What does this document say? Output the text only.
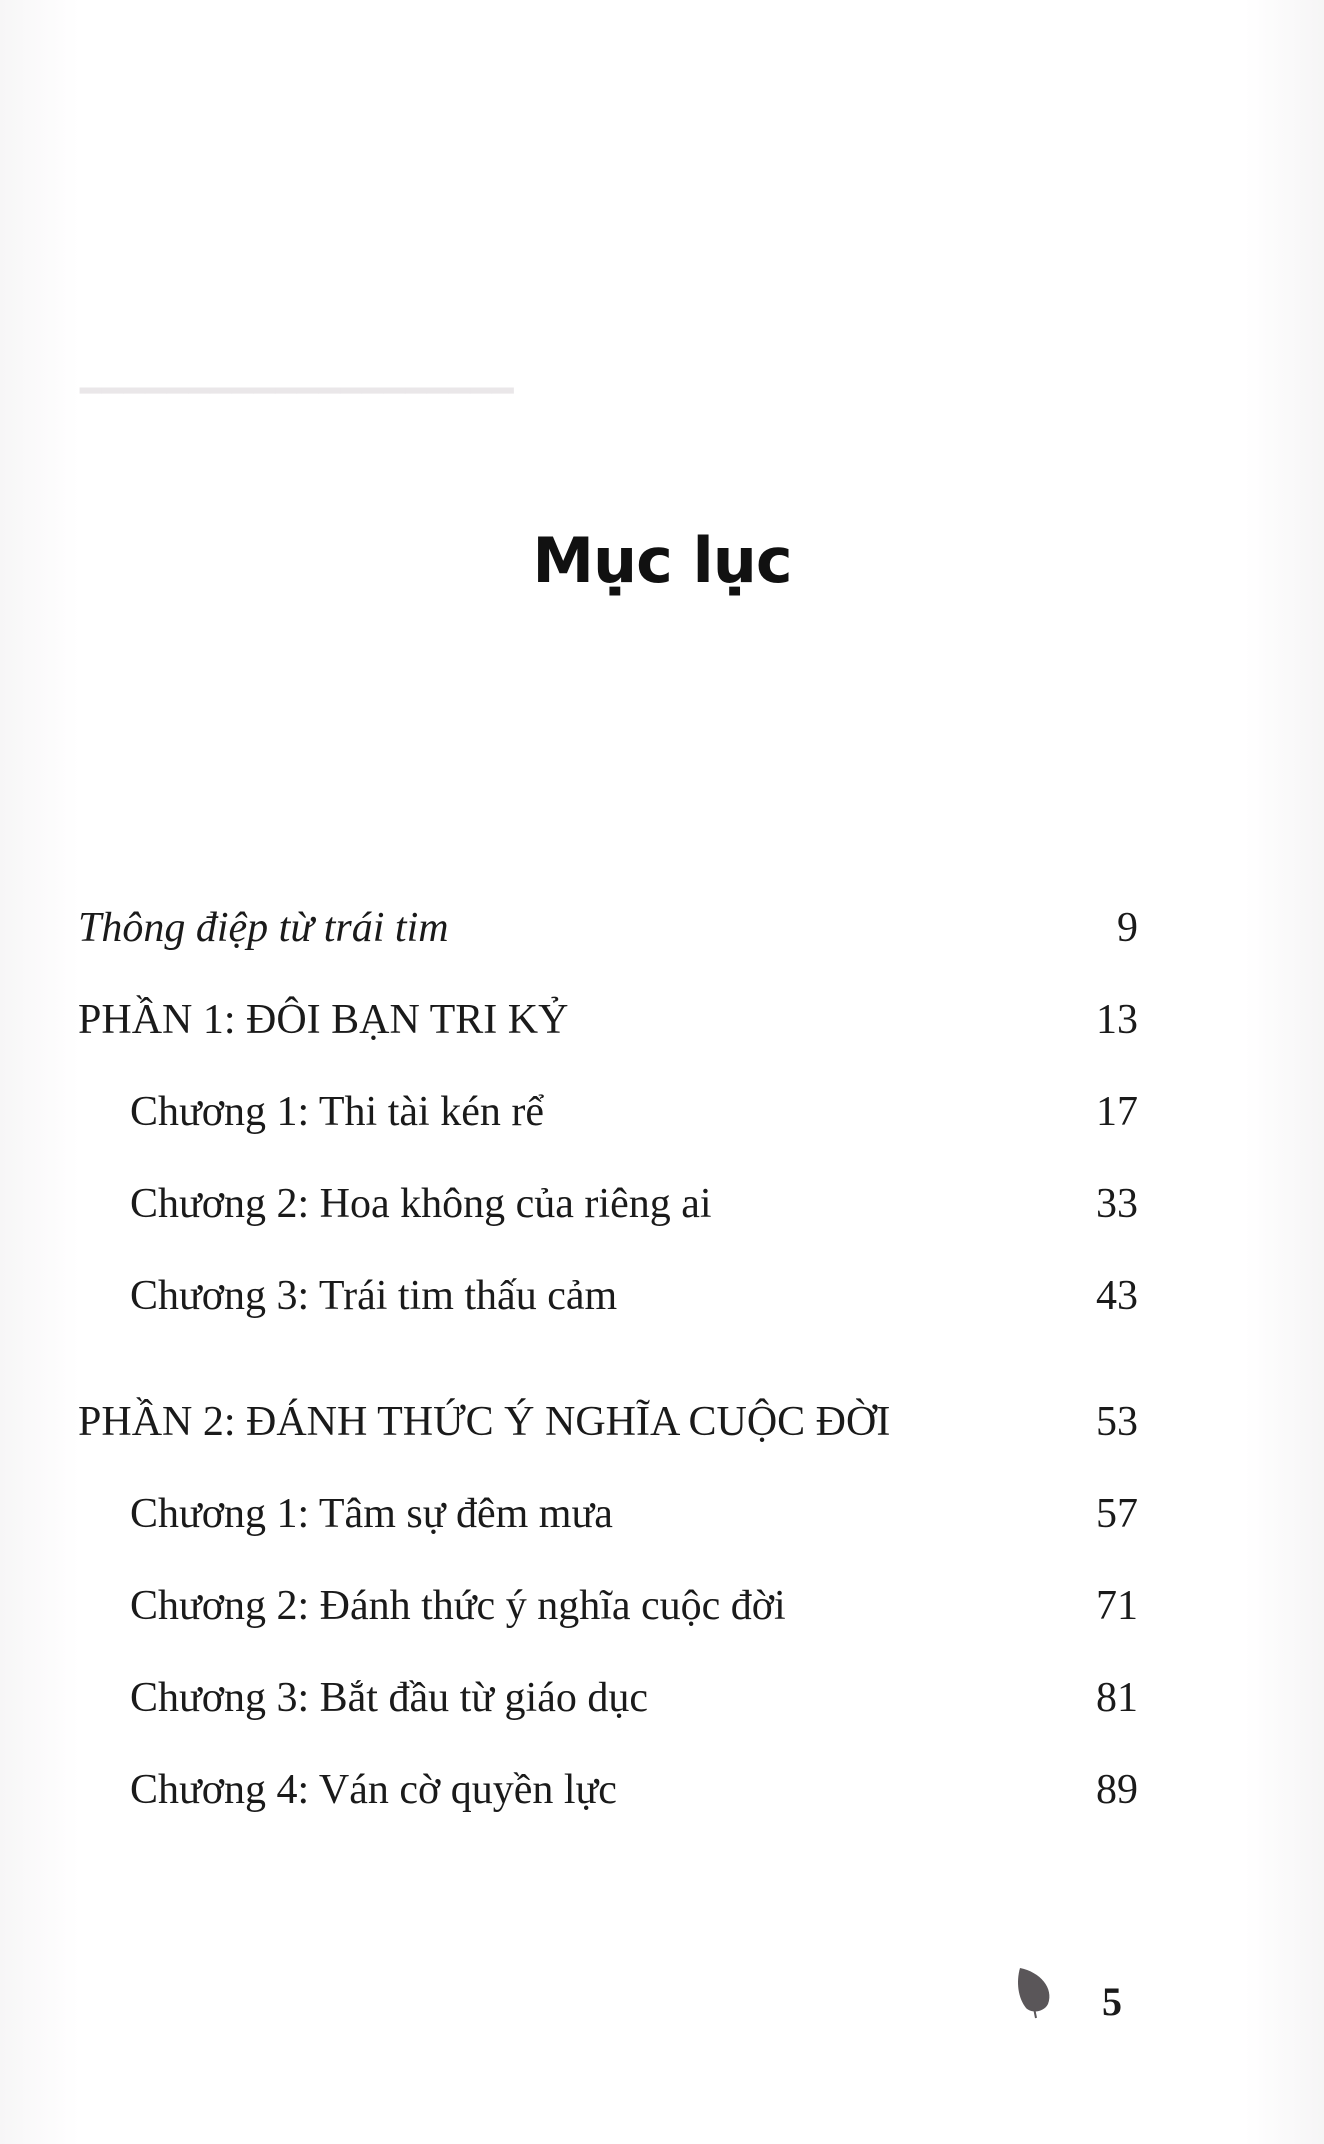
━━━━━━━━━━━━━━━━━━━━
Mục lục
Thông điệp từ trái tim	9
PHẦN 1: ĐÔI BẠN TRI KỶ	13
Chương 1: Thi tài kén rể	17
Chương 2: Hoa không của riêng ai	33
Chương 3: Trái tim thấu cảm	43
PHẦN 2: ĐÁNH THỨC Ý NGHĨA CUỘC ĐỜI	53
Chương 1: Tâm sự đêm mưa	57
Chương 2: Đánh thức ý nghĩa cuộc đời	71
Chương 3: Bắt đầu từ giáo dục	81
Chương 4: Ván cờ quyền lực	89
5
